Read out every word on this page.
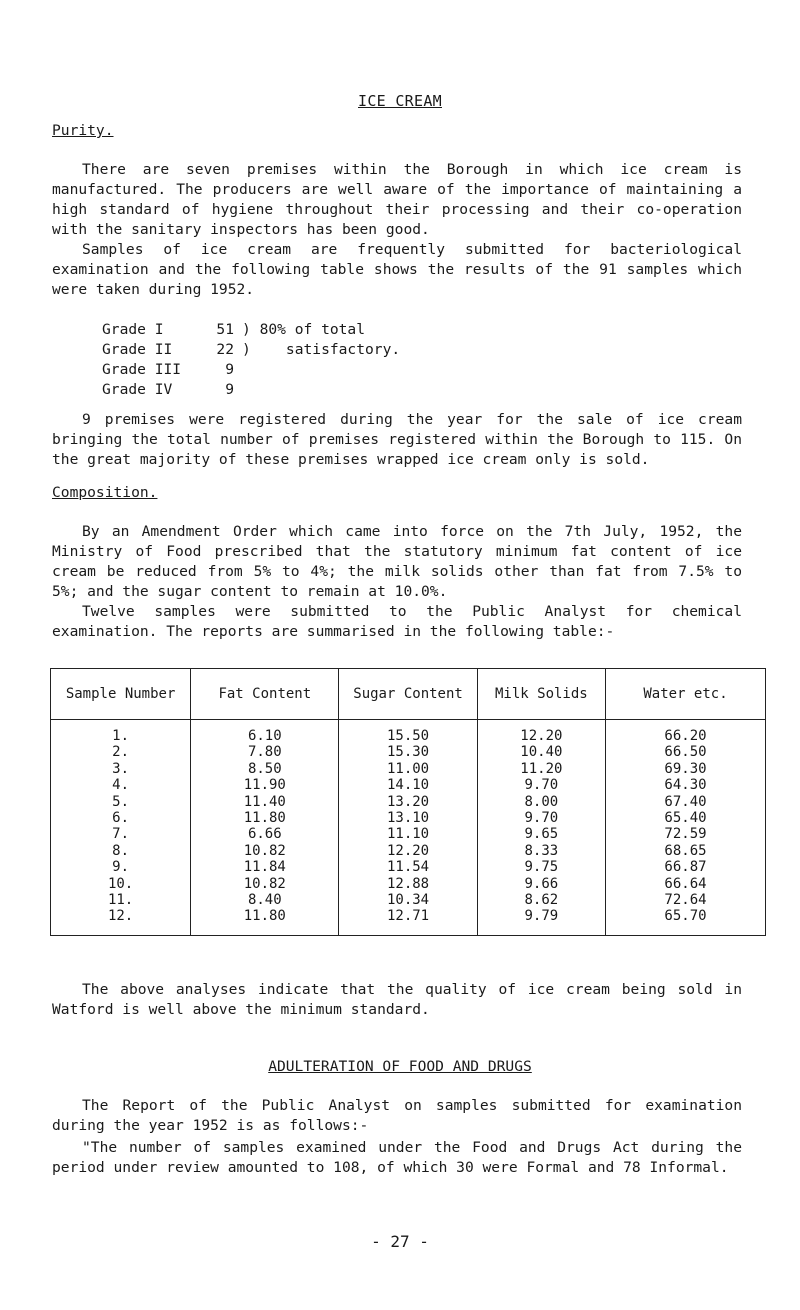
ICE CREAM
Purity.

There are seven premises within the Borough in which ice cream is manufactured. The producers are well aware of the importance of maintaining a high standard of hygiene throughout their processing and their co-operation with the sanitary inspectors has been good.

Samples of ice cream are frequently submitted for bacteriological examination and the following table shows the results of the 91 samples which were taken during 1952.

Grade I	51 ) 80% of total
Grade II	22 )    satisfactory.
Grade III	9
Grade IV	9

9 premises were registered during the year for the sale of ice cream bringing the total number of premises registered within the Borough to 115. On the great majority of these premises wrapped ice cream only is sold.

Composition.

By an Amendment Order which came into force on the 7th July, 1952, the Ministry of Food prescribed that the statutory minimum fat content of ice cream be reduced from 5% to 4%; the milk solids other than fat from 7.5% to 5%; and the sugar content to remain at 10.0%.

Twelve samples were submitted to the Public Analyst for chemical examination. The reports are summarised in the following table:-

Sample Number	Fat Content	Sugar Content	Milk Solids	Water etc.
1.	6.10	15.50	12.20	66.20
2.	7.80	15.30	10.40	66.50
3.	8.50	11.00	11.20	69.30
4.	11.90	14.10	9.70	64.30
5.	11.40	13.20	8.00	67.40
6.	11.80	13.10	9.70	65.40
7.	6.66	11.10	9.65	72.59
8.	10.82	12.20	8.33	68.65
9.	11.84	11.54	9.75	66.87
10.	10.82	12.88	9.66	66.64
11.	8.40	10.34	8.62	72.64
12.	11.80	12.71	9.79	65.70

The above analyses indicate that the quality of ice cream being sold in Watford is well above the minimum standard.

ADULTERATION OF FOOD AND DRUGS

The Report of the Public Analyst on samples submitted for examination during the year 1952 is as follows:-

"The number of samples examined under the Food and Drugs Act during the period under review amounted to 108, of which 30 were Formal and 78 Informal.

- 27 -
